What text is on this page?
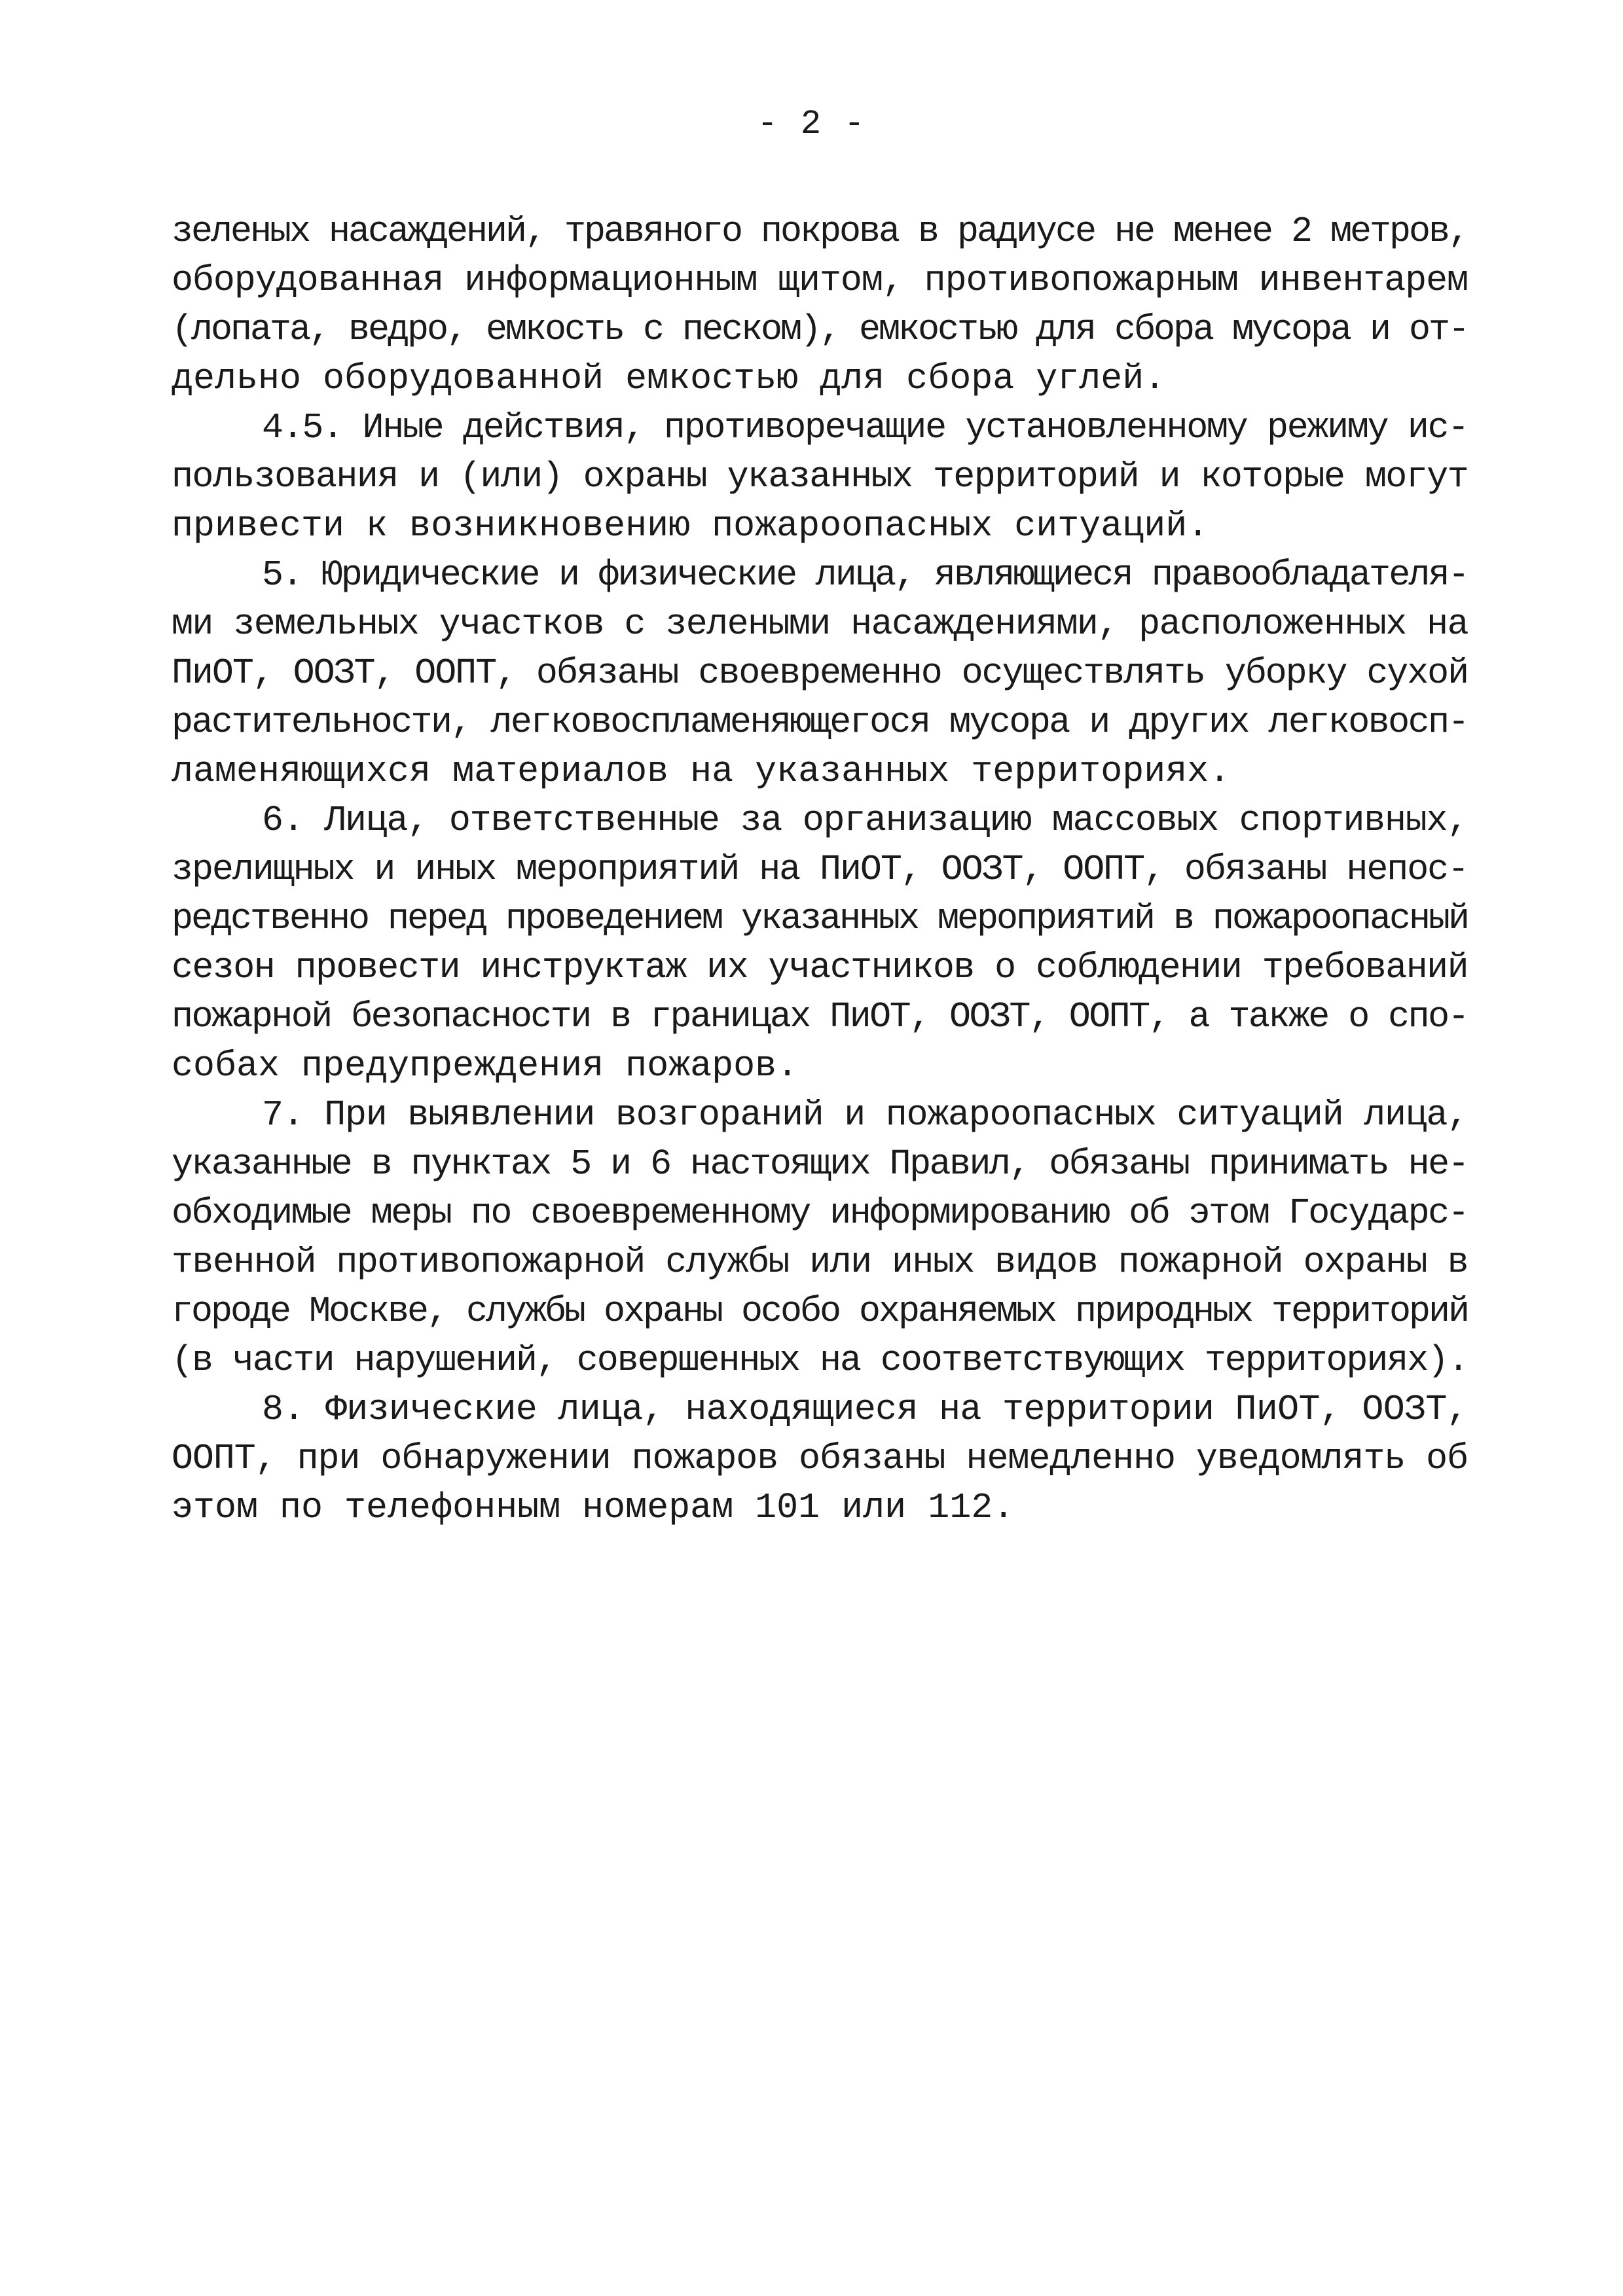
- 2 -
зеленых насаждений, травяного покрова в радиусе не менее 2 метров,
оборудованная информационным щитом, противопожарным инвентарем
(лопата, ведро, емкость с песком), емкостью для сбора мусора и от-
дельно оборудованной емкостью для сбора углей.
4.5. Иные действия, противоречащие установленному режиму ис-
пользования и (или) охраны указанных территорий и которые могут
привести к возникновению пожароопасных ситуаций.
5. Юридические и физические лица, являющиеся правообладателя-
ми земельных участков с зелеными насаждениями, расположенных на
ПиОТ, ООЗТ, ООПТ, обязаны своевременно осуществлять уборку сухой
растительности, легковоспламеняющегося мусора и других легковосп-
ламеняющихся материалов на указанных территориях.
6. Лица, ответственные за организацию массовых спортивных,
зрелищных и иных мероприятий на ПиОТ, ООЗТ, ООПТ, обязаны непос-
редственно перед проведением указанных мероприятий в пожароопасный
сезон провести инструктаж их участников о соблюдении требований
пожарной безопасности в границах ПиОТ, ООЗТ, ООПТ, а также о спо-
собах предупреждения пожаров.
7. При выявлении возгораний и пожароопасных ситуаций лица,
указанные в пунктах 5 и 6 настоящих Правил, обязаны принимать не-
обходимые меры по своевременному информированию об этом Государс-
твенной противопожарной службы или иных видов пожарной охраны в
городе Москве, службы охраны особо охраняемых природных территорий
(в части нарушений, совершенных на соответствующих территориях).
8. Физические лица, находящиеся на территории ПиОТ, ООЗТ,
ООПТ, при обнаружении пожаров обязаны немедленно уведомлять об
этом по телефонным номерам 101 или 112.
